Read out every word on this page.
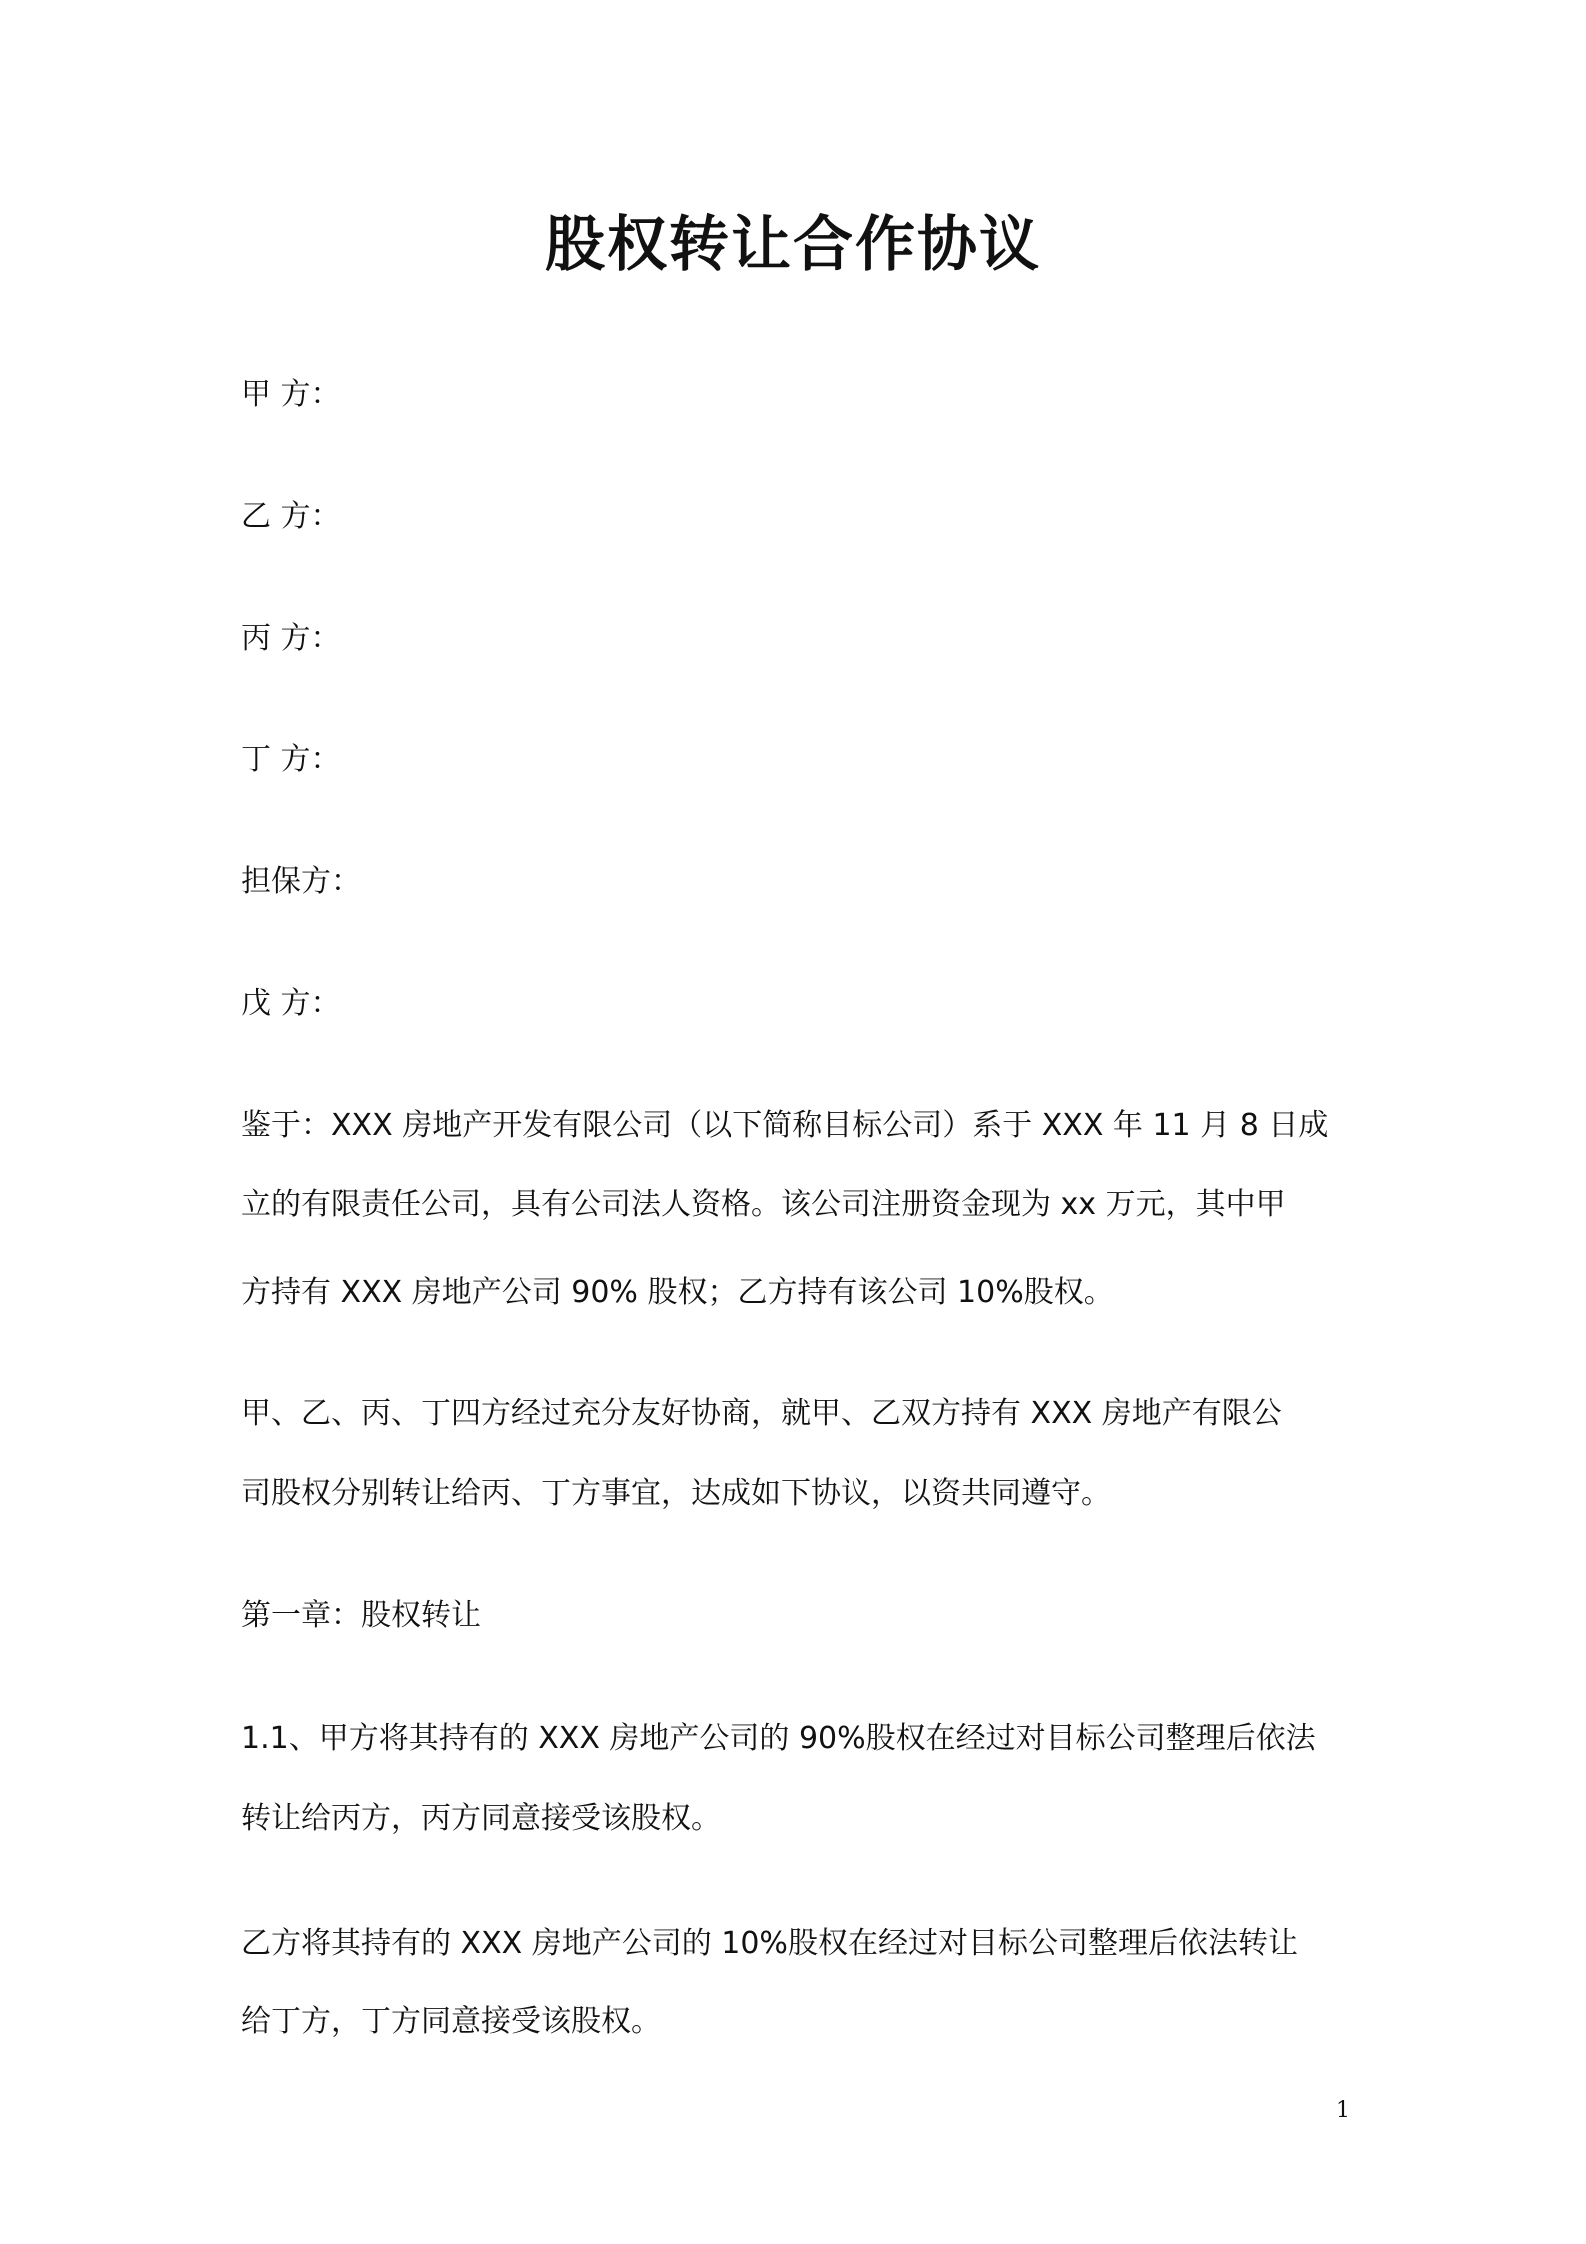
股权转让合作协议
甲 方：
乙 方：
丙 方：
丁 方：
担保方：
戊 方：
鉴于：XXX 房地产开发有限公司（以下简称目标公司）系于 XXX 年 11 月 8 日成
立的有限责任公司，具有公司法人资格。该公司注册资金现为 xx 万元，其中甲
方持有 XXX 房地产公司 90% 股权；乙方持有该公司 10%股权。
甲、乙、丙、丁四方经过充分友好协商，就甲、乙双方持有 XXX 房地产有限公
司股权分别转让给丙、丁方事宜，达成如下协议，以资共同遵守。
第一章：股权转让
1.1、甲方将其持有的 XXX 房地产公司的 90%股权在经过对目标公司整理后依法
转让给丙方，丙方同意接受该股权。
乙方将其持有的 XXX 房地产公司的 10%股权在经过对目标公司整理后依法转让
给丁方，丁方同意接受该股权。
1
